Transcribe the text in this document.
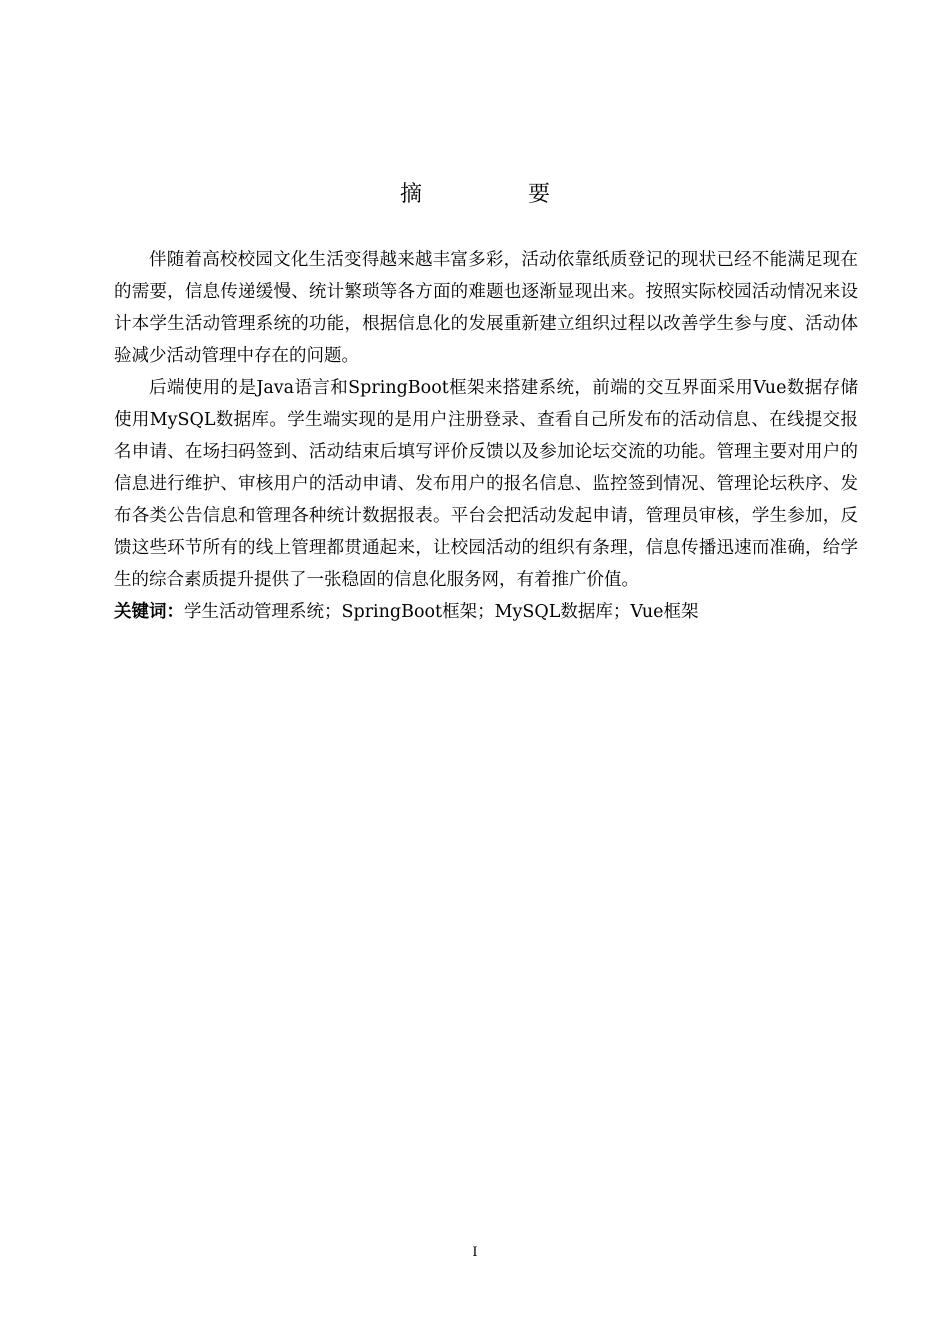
摘　要

伴随着高校校园文化生活变得越来越丰富多彩，活动依靠纸质登记的现状已经不能满足现在的需要，信息传递缓慢、统计繁琐等各方面的难题也逐渐显现出来。按照实际校园活动情况来设计本学生活动管理系统的功能，根据信息化的发展重新建立组织过程以改善学生参与度、活动体验减少活动管理中存在的问题。

后端使用的是Java语言和SpringBoot框架来搭建系统，前端的交互界面采用Vue数据存储使用MySQL数据库。学生端实现的是用户注册登录、查看自己所发布的活动信息、在线提交报名申请、在场扫码签到、活动结束后填写评价反馈以及参加论坛交流的功能。管理主要对用户的信息进行维护、审核用户的活动申请、发布用户的报名信息、监控签到情况、管理论坛秩序、发布各类公告信息和管理各种统计数据报表。平台会把活动发起申请，管理员审核，学生参加，反馈这些环节所有的线上管理都贯通起来，让校园活动的组织有条理，信息传播迅速而准确，给学生的综合素质提升提供了一张稳固的信息化服务网，有着推广价值。

关键词：学生活动管理系统；SpringBoot框架；MySQL数据库；Vue框架

I
